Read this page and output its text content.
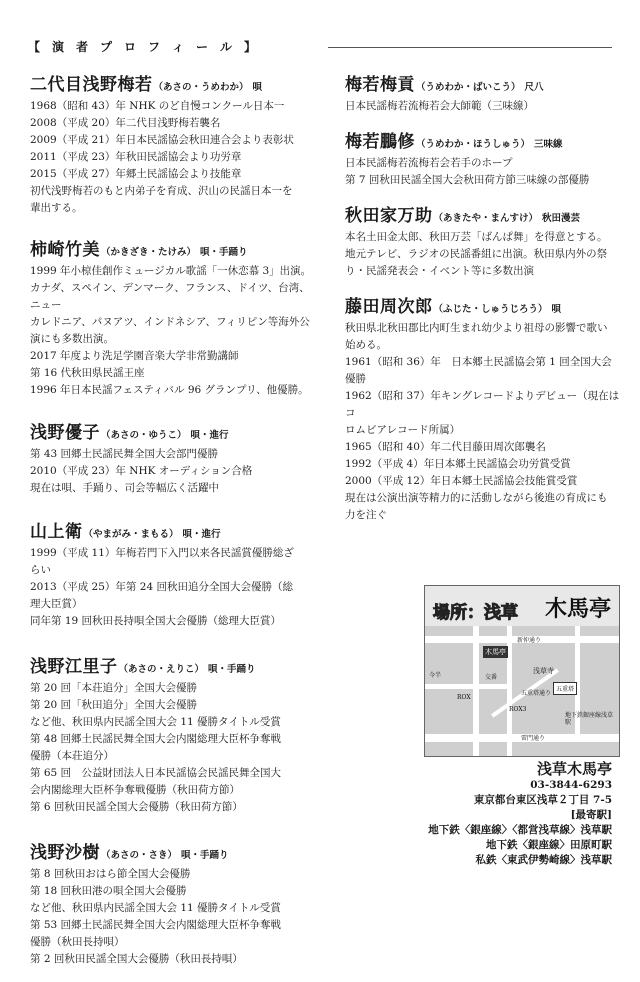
【　演　者　プ　ロ　フ　ィ　ー　ル　】
二代目浅野梅若 （あさの・うめわか） 唄
1968（昭和 43）年 NHK のど自慢コンクール日本一
2008（平成 20）年二代目浅野梅若襲名
2009（平成 21）年日本民謡協会秋田連合会より表彰状
2011（平成 23）年秋田民謡協会より功労章
2015（平成 27）年郷土民謡協会より技能章
初代浅野梅若のもと内弟子を育成、沢山の民謡日本一を
輩出する。
柿崎竹美 （かきざき・たけみ） 唄・手踊り
1999 年小椋佳創作ミュージカル歌謡「一休恋慕 3」出演。
カナダ、スペイン、デンマーク、フランス、ドイツ、台湾、ニュー
カレドニア、パヌアツ、インドネシア、フィリピン等海外公
演にも多数出演。
2017 年度より洗足学園音楽大学非常勤講師
第 16 代秋田県民謡王座
1996 年日本民謡フェスティバル 96 グランプリ、他優勝。
浅野優子 （あさの・ゆうこ） 唄・進行
第 43 回郷土民謡民舞全国大会部門優勝
2010（平成 23）年 NHK オーディション合格
現在は唄、手踊り、司会等幅広く活躍中
山上衛 （やまがみ・まもる） 唄・進行
1999（平成 11）年梅若門下入門以来各民謡賞優勝総ざ
らい
2013（平成 25）年第 24 回秋田追分全国大会優勝（総
理大臣賞）
同年第 19 回秋田長持唄全国大会優勝（総理大臣賞）
浅野江里子 （あさの・えりこ） 唄・手踊り
第 20 回「本荘追分」全国大会優勝
第 20 回「秋田追分」全国大会優勝
など他、秋田県内民謡全国大会 11 優勝タイトル受賞
第 48 回郷土民謡民舞全国大会内閣総理大臣杯争奪戦
優勝（本荘追分）
第 65 回　公益財団法人日本民謡協会民謡民舞全国大
会内閣総理大臣杯争奪戦優勝（秋田荷方節）
第 6 回秋田民謡全国大会優勝（秋田荷方節）
浅野沙樹 （あさの・さき） 唄・手踊り
第 8 回秋田おはら節全国大会優勝
第 18 回秋田港の唄全国大会優勝
など他、秋田県内民謡全国大会 11 優勝タイトル受賞
第 53 回郷土民謡民舞全国大会内閣総理大臣杯争奪戦
優勝（秋田長持唄）
第 2 回秋田民謡全国大会優勝（秋田長持唄）
梅若梅貢 （うめわか・ばいこう） 尺八
日本民謡梅若流梅若会大師範（三味線）
梅若鵬修 （うめわか・ほうしゅう） 三味線
日本民謡梅若流梅若会若手のホープ
第 7 回秋田民謡全国大会秋田荷方節三味線の部優勝
秋田家万助 （あきたや・まんすけ） 秋田漫芸
本名土田金太郎、秋田万芸「ばんぱ舞」を得意とする。
地元テレビ、ラジオの民謡番組に出演。秋田県内外の祭
り・民謡発表会・イベント等に多数出演
藤田周次郎 （ふじた・しゅうじろう） 唄
秋田県北秋田郡比内町生まれ幼少より祖母の影響で歌い
始める。
1961（昭和 36）年　日本郷土民謡協会第 1 回全国大会
優勝
1962（昭和 37）年キングレコードよりデビュー（現在はコ
ロムビアレコード所属）
1965（昭和 40）年二代目藤田周次郎襲名
1992（平成 4）年日本郷土民謡協会功労賞受賞
2000（平成 12）年日本郷土民謡協会技能賞受賞
現在は公演出演等精力的に活動しながら後進の育成にも
力を注ぐ
場所：浅草 木馬亭
新仲通り
木馬亭
浅草寺
五重塔
今半	交番
ROX
五重塔通り
ROX3
地下鉄銀座線浅草駅
雷門通り
浅草木馬亭
03-3844-6293
東京都台東区浅草２丁目 7-5
[最寄駅]
地下鉄〈銀座線〉〈都営浅草線〉浅草駅
地下鉄〈銀座線〉田原町駅
私鉄〈東武伊勢崎線〉浅草駅
